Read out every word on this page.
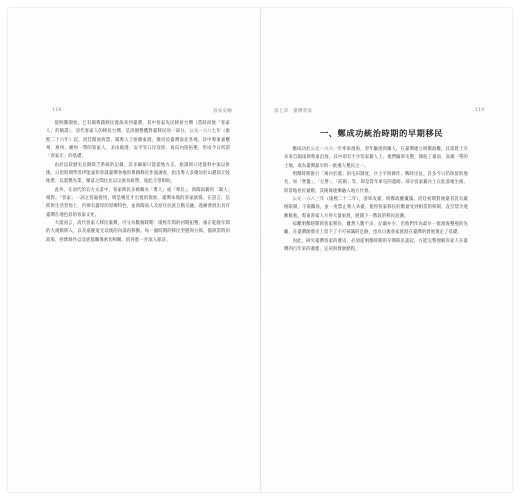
118	客家史略

從明鄭開始，已有閩粵籍移民渡海來到臺灣，其中客家先民移居台灣（當時尚無「客家人」的稱謂），清代客家人的移民台灣，是清朝整體對臺移民的一部分。公元一六八七年（康熙二十六年）起，清廷開放海禁，閩粵人士絡繹東渡，散居於臺灣南北各地，其中粵東嘉應州、惠州、潮州一帶的客家人，多由鹿港、安平等口岸登陸，再向內陸拓墾，形成今日所謂「客家庄」的基礎。

由於這段歷史長期缺乏系統的記載，許多細節只能從地方志、族譜與口述資料中加以拼湊。日治時期學者伊能嘉矩曾就臺灣各地的粵籍移民作過調查，指出粵人多聚居於山麓與丘陵地帶，以農墾為業，聚落之間往往以宗族為紐帶，彼此守望相助。

此外，在清代的官方文書中，客家移民多被稱為「粵人」或「粵民」，與閩南籍的「閩人」相對。「客家」一詞之普遍使用，則是晚近才出現的現象。臺灣本地的客家族群，在語言、信仰與生活習俗上，仍保有濃厚的原鄉特色，並與閩南人及原住民族互動交融，逐漸發展出具有臺灣在地色彩的客家文化。

大抵而言，清代客家人移民臺灣，可分為數個時期：康熙年間的初期拓墾、雍正乾隆年間的大規模移入，以及嘉慶道光以後的內部再移動。每一個時期的移民型態與分佈，都與當時的政策、經濟條件以及族群關係密切相關，值得進一步深入探討。

第七章　臺灣客家	119
一、鄭成功統治時期的早期移民

鄭成功於公元一六六一年率軍渡海，翌年驅逐荷蘭人，在臺灣建立明鄭政權。其部將士卒多來自閩南與粵東沿海，其中即有不少客家籍人士。他們隨軍屯墾，開拓了臺南、高雄一帶的土地，成為臺灣最早的一批漢人墾民之一。

明鄭時期推行「寓兵於農」的屯田制度，兵士平時耕作，戰時出征。許多今日仍保留的地名，如「營盤」、「左營」、「前鎮」等，即是當年軍屯的遺跡。部分客家籍兵士在此落地生根，與當地居民通婚，其後裔逐漸融入地方社會。

公元一六八三年（康熙二十二年），清軍攻臺，明鄭政權覆滅。清廷初期對渡臺者設有嚴格限制，不准攜眷，並一度禁止粵人來臺，使得客家移民的數量受到相當的抑制。直至禁令逐漸鬆弛，粵東客家人方得大量東渡，展開下一階段的移民浪潮。

綜觀明鄭時期的客家移民，雖然人數不多，記載亦少，但他們作為最早一批渡海墾殖的先驅，在臺灣開發史上留下了不可抹滅的足跡，也為日後客家族群在臺灣的發展奠定了基礎。

因此，研究臺灣客家的歷史，必須從明鄭時期的早期移民談起，方能完整理解客家人在臺灣四百年來的遷徙、定居與發展歷程。
